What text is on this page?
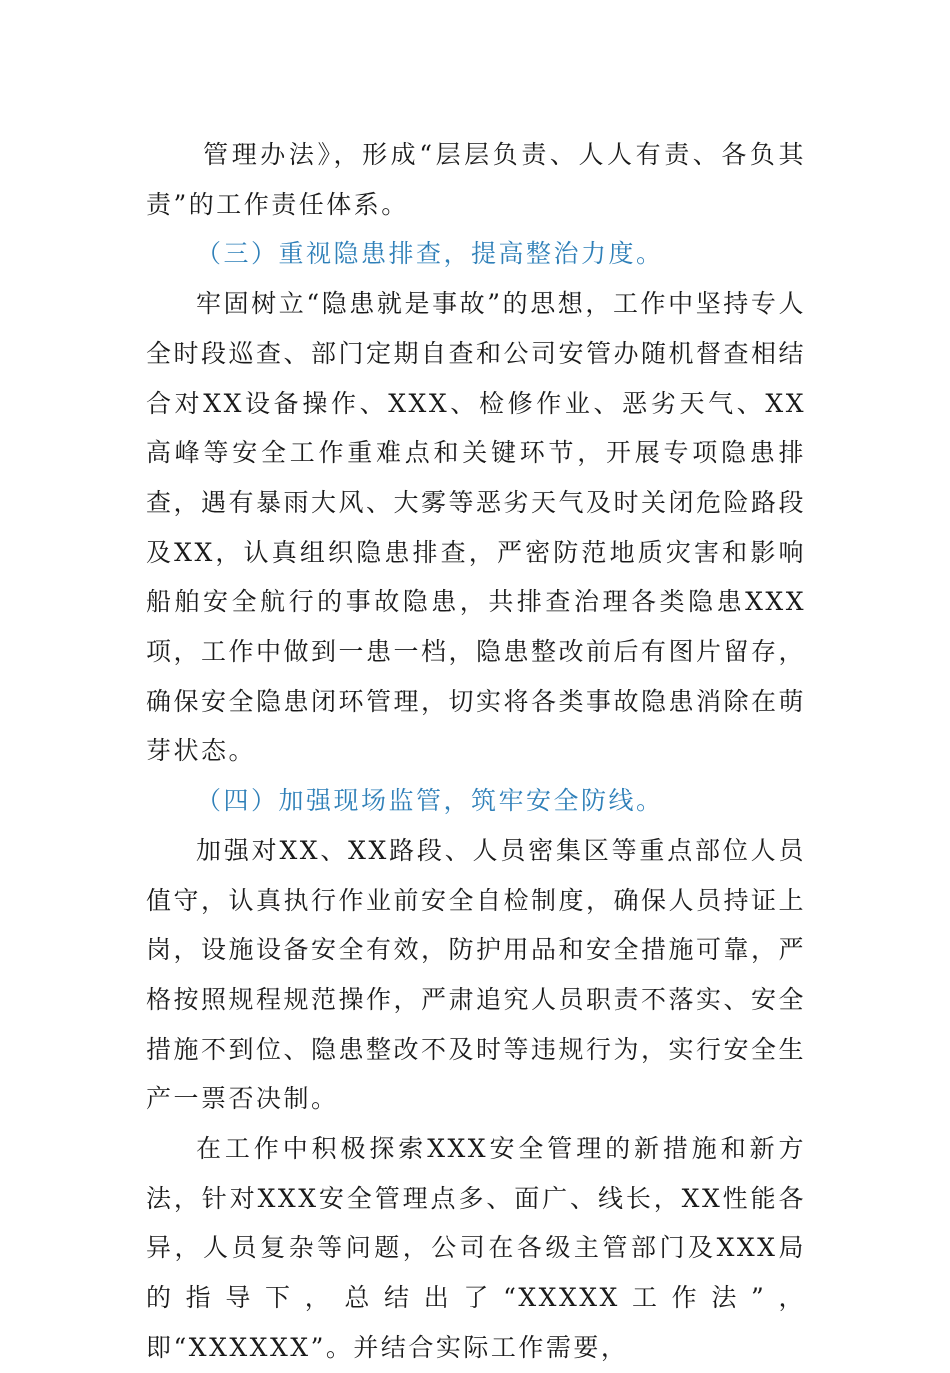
　　管理办法》，形成“层层负责、人人有责、各负其责”的工作责任体系。

（三）重视隐患排查，提高整治力度。

牢固树立“隐患就是事故”的思想，工作中坚持专人全时段巡查、部门定期自查和公司安管办随机督查相结合对XX设备操作、XXX、检修作业、恶劣天气、XX高峰等安全工作重难点和关键环节，开展专项隐患排查，遇有暴雨大风、大雾等恶劣天气及时关闭危险路段及XX，认真组织隐患排查，严密防范地质灾害和影响船舶安全航行的事故隐患，共排查治理各类隐患XXX项，工作中做到一患一档，隐患整改前后有图片留存，确保安全隐患闭环管理，切实将各类事故隐患消除在萌芽状态。

（四）加强现场监管，筑牢安全防线。

加强对XX、XX路段、人员密集区等重点部位人员值守，认真执行作业前安全自检制度，确保人员持证上岗，设施设备安全有效，防护用品和安全措施可靠，严格按照规程规范操作，严肃追究人员职责不落实、安全措施不到位、隐患整改不及时等违规行为，实行安全生产一票否决制。

在工作中积极探索XXX安全管理的新措施和新方法，针对XXX安全管理点多、面广、线长，XX性能各异，人员复杂等问题，公司在各级主管部门及XXX局的指导下，总结出了“XXXXX工作法”，即“XXXXXX”。并结合实际工作需要，
